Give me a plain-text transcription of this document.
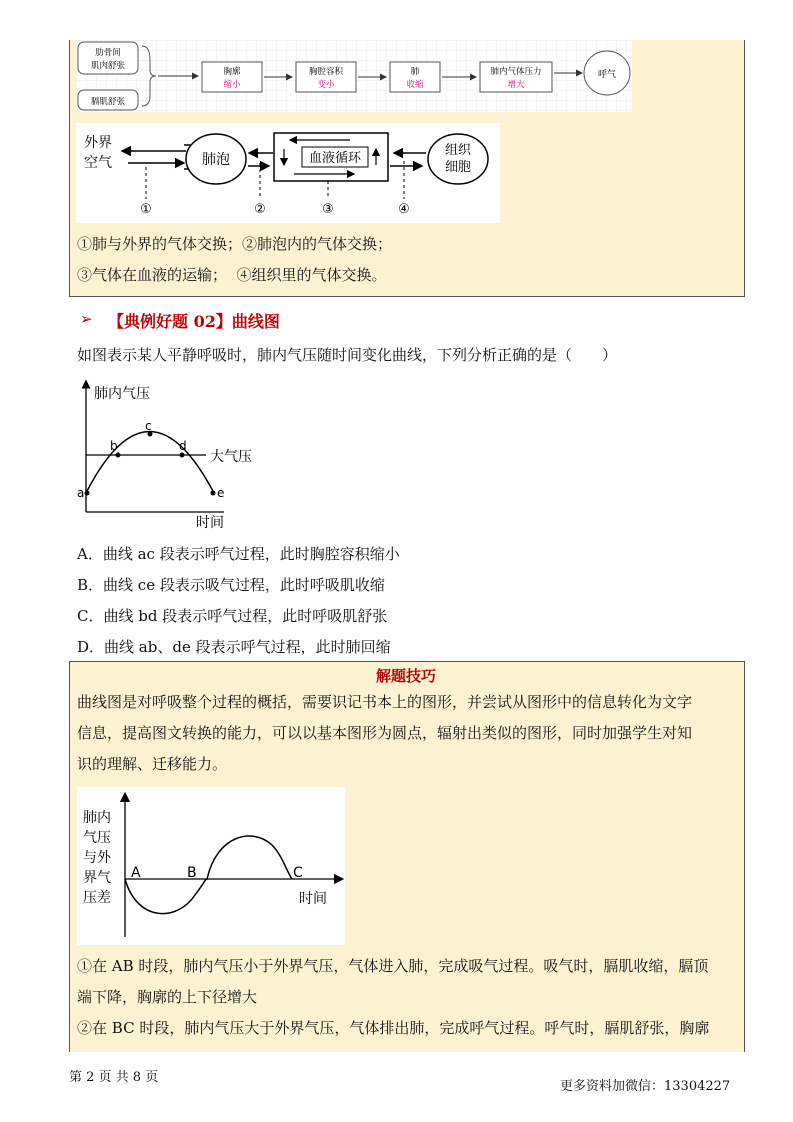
肋骨间
肌肉舒张
膈肌舒张
胸廓
缩小
胸腔容积
变小
肺
收缩
肺内气体压力
增大
呼气
外界
空气	肺泡	血液循环
组织
细胞
①	②	③	④
①肺与外界的气体交换；②肺泡内的气体交换；
③气体在血液的运输；  ④组织里的气体交换。
➢ 【典例好题 02】曲线图
如图表示某人平静呼吸时，肺内气压随时间变化曲线，下列分析正确的是（　　）
肺内气压
大气压
a
b
c
d
e
时间
A．曲线 ac 段表示呼气过程，此时胸腔容积缩小
B．曲线 ce 段表示吸气过程，此时呼吸肌收缩
C．曲线 bd 段表示呼气过程，此时呼吸肌舒张
D．曲线 ab、de 段表示呼气过程，此时肺回缩
解题技巧
曲线图是对呼吸整个过程的概括，需要识记书本上的图形，并尝试从图形中的信息转化为文字
信息，提高图文转换的能力，可以以基本图形为圆点，辐射出类似的图形，同时加强学生对知
识的理解、迁移能力。
肺内
气压
与外
界气
压差
A	B	C
时间
①在 AB 时段，肺内气压小于外界气压，气体进入肺，完成吸气过程。吸气时，膈肌收缩，膈顶
端下降，胸廓的上下径增大
②在 BC 时段，肺内气压大于外界气压，气体排出肺，完成呼气过程。呼气时，膈肌舒张，胸廓
第 2 页 共 8 页
更多资料加微信：13304227
